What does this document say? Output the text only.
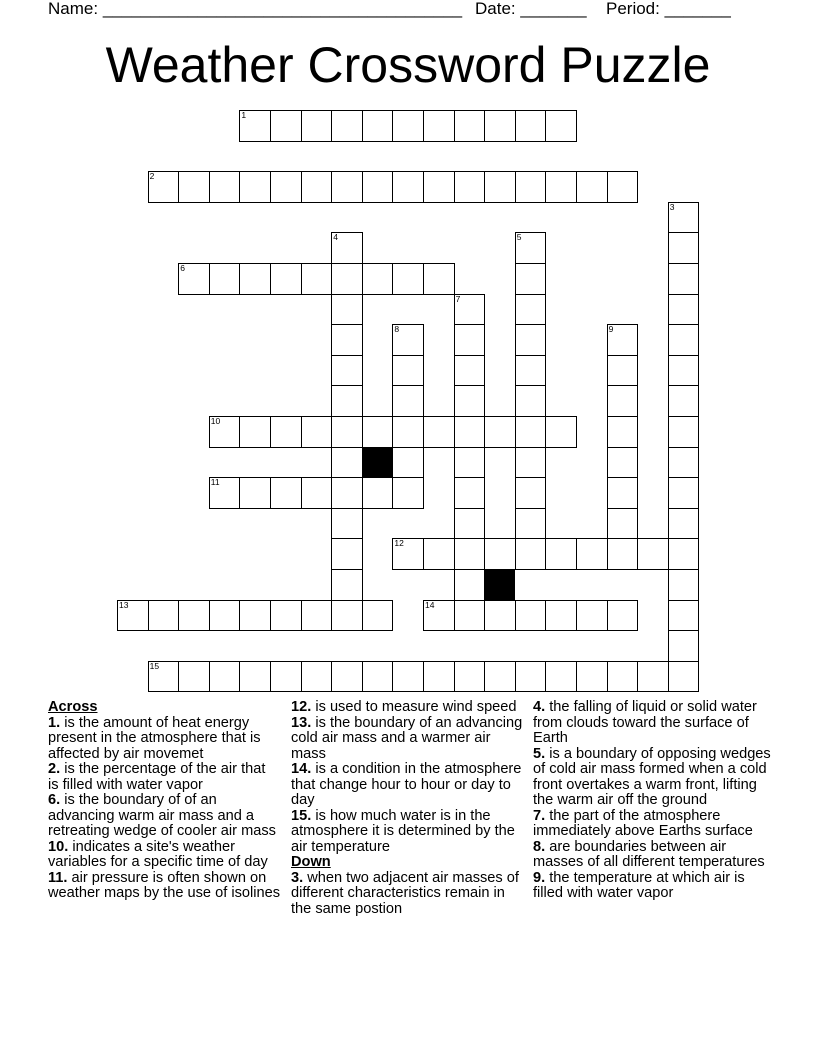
Name: ______________________________________ Date: _______ Period: _______
Weather Crossword Puzzle
1
2
3
4	5
6
7
8	9
10
11
12
13	14
15
Across
1. is the amount of heat energy present in the atmosphere that is affected by air movemet
2. is the percentage of the air that is filled with water vapor
6. is the boundary of of an advancing warm air mass and a retreating wedge of cooler air mass
10. indicates a site's weather variables for a specific time of day
11. air pressure is often shown on weather maps by the use of isolines
12. is used to measure wind speed
13. is the boundary of an advancing cold air mass and a warmer air mass
14. is a condition in the atmosphere that change hour to hour or day to day
15. is how much water is in the atmosphere it is determined by the air temperature
Down
3. when two adjacent air masses of different characteristics remain in the same postion
4. the falling of liquid or solid water from clouds toward the surface of Earth
5. is a boundary of opposing wedges of cold air mass formed when a cold front overtakes a warm front, lifting the warm air off the ground
7. the part of the atmosphere immediately above Earths surface
8. are boundaries between air masses of all different temperatures
9. the temperature at which air is filled with water vapor
